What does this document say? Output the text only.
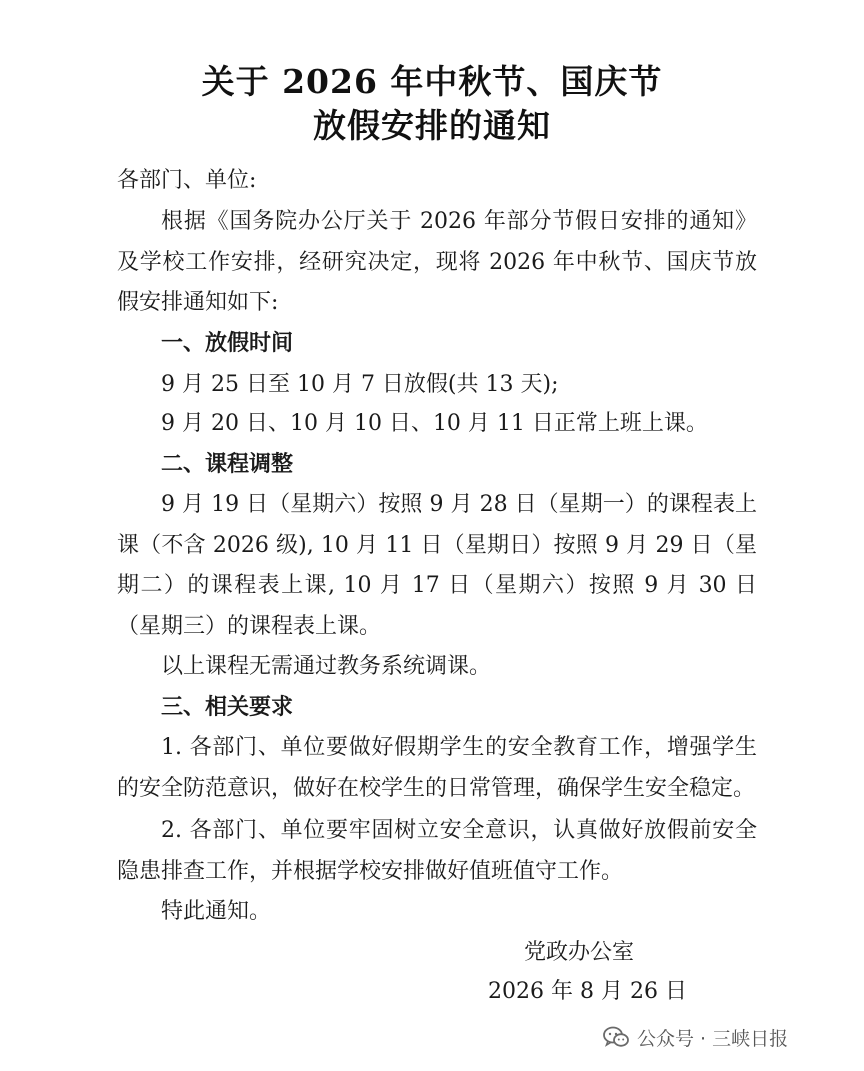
关于 2026 年中秋节、国庆节
放假安排的通知
各部门、单位:

根据《国务院办公厅关于 2026 年部分节假日安排的通知》及学校工作安排，经研究决定，现将 2026 年中秋节、国庆节放假安排通知如下:

一、放假时间
9 月 25 日至 10 月 7 日放假(共 13 天);
9 月 20 日、10 月 10 日、10 月 11 日正常上班上课。
二、课程调整

9 月 19 日（星期六）按照 9 月 28 日（星期一）的课程表上课（不含 2026 级), 10 月 11 日（星期日）按照 9 月 29 日（星期二）的课程表上课, 10 月 17 日（星期六）按照 9 月 30 日（星期三）的课程表上课。

以上课程无需通过教务系统调课。
三、相关要求

1. 各部门、单位要做好假期学生的安全教育工作，增强学生的安全防范意识，做好在校学生的日常管理，确保学生安全稳定。

2. 各部门、单位要牢固树立安全意识，认真做好放假前安全隐患排查工作，并根据学校安排做好值班值守工作。

特此通知。
党政办公室
2026 年 8 月 26 日
公众号 · 三峡日报
